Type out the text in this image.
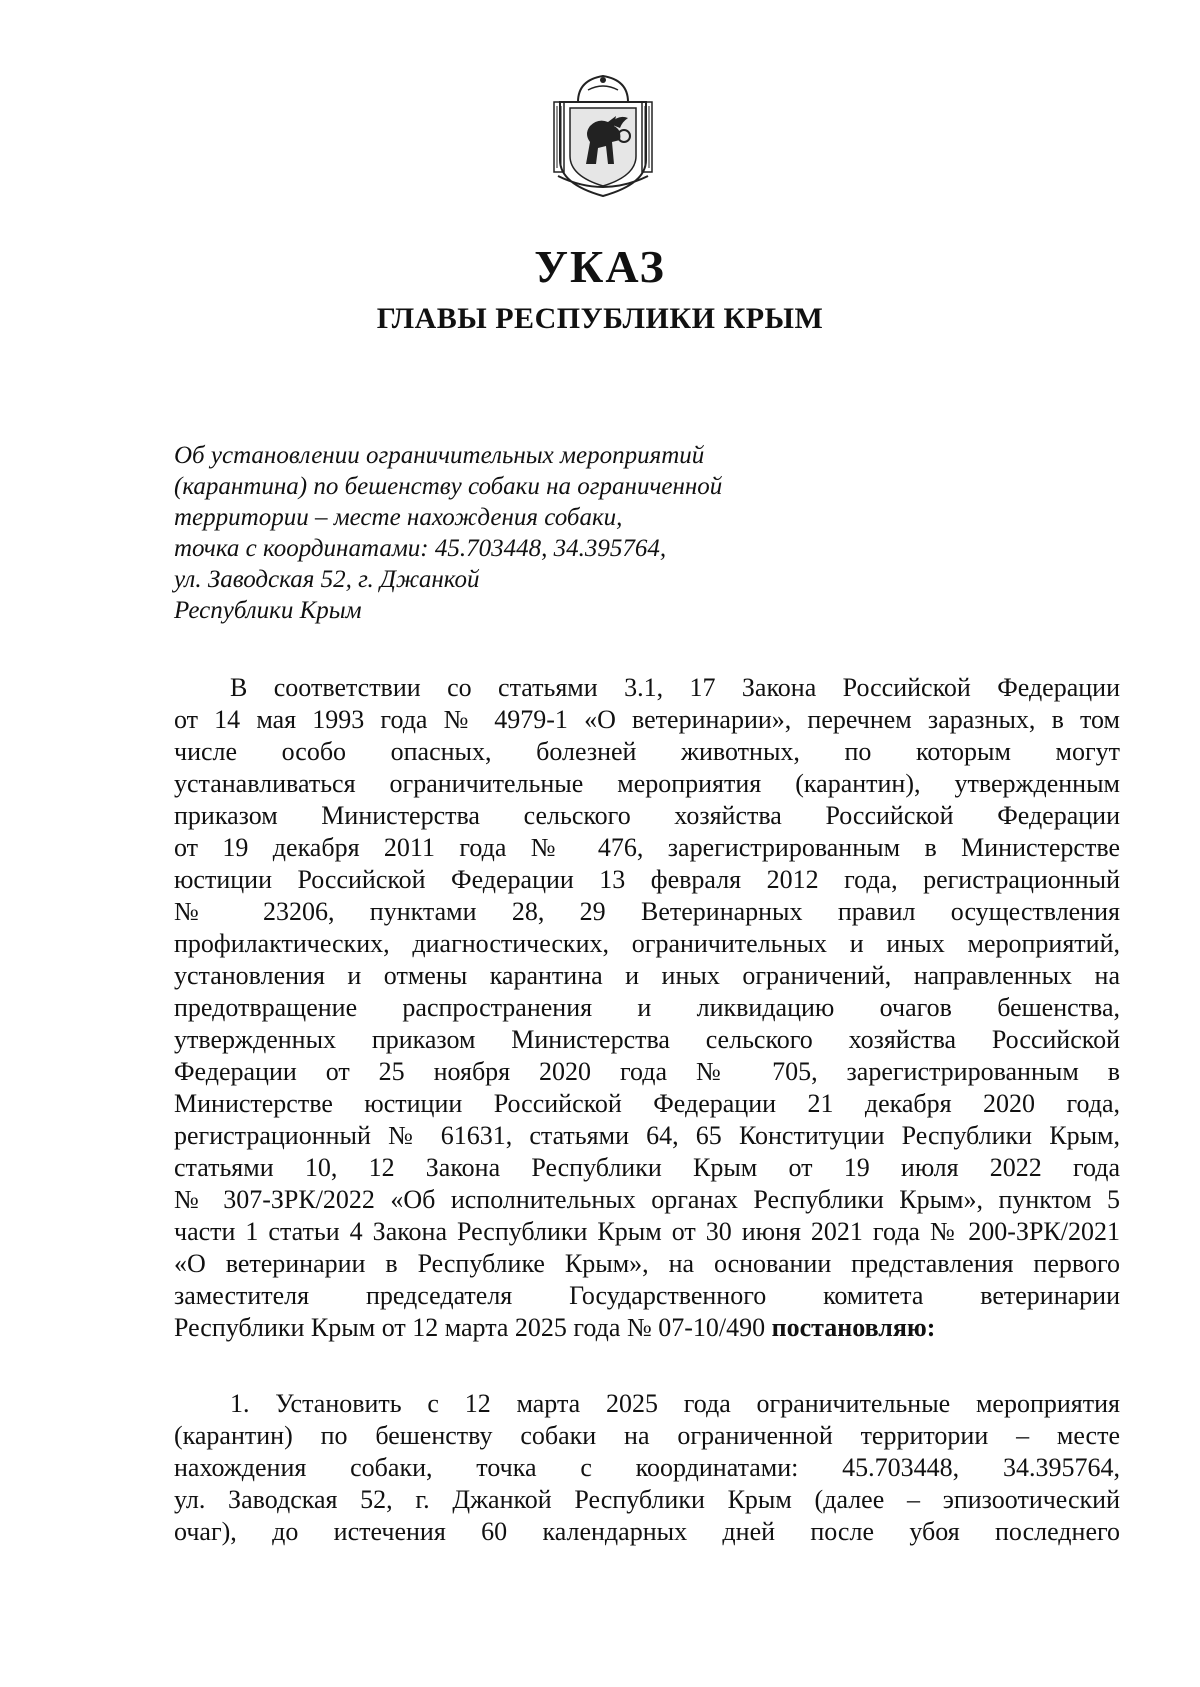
УКАЗ
ГЛАВЫ РЕСПУБЛИКИ КРЫМ
Об установлении ограничительных мероприятий
(карантина) по бешенству собаки на ограниченной
территории – месте нахождения собаки,
точка с координатами: 45.703448, 34.395764,
ул. Заводская 52, г. Джанкой
Республики Крым
В соответствии со статьями 3.1, 17 Закона Российской Федерации
от 14 мая 1993 года № 4979-1 «О ветеринарии», перечнем заразных, в том
числе особо опасных, болезней животных, по которым могут
устанавливаться ограничительные мероприятия (карантин), утвержденным
приказом Министерства сельского хозяйства Российской Федерации
от 19 декабря 2011 года № 476, зарегистрированным в Министерстве
юстиции Российской Федерации 13 февраля 2012 года, регистрационный
№ 23206, пунктами 28, 29 Ветеринарных правил осуществления
профилактических, диагностических, ограничительных и иных мероприятий,
установления и отмены карантина и иных ограничений, направленных на
предотвращение распространения и ликвидацию очагов бешенства,
утвержденных приказом Министерства сельского хозяйства Российской
Федерации от 25 ноября 2020 года № 705, зарегистрированным в
Министерстве юстиции Российской Федерации 21 декабря 2020 года,
регистрационный № 61631, статьями 64, 65 Конституции Республики Крым,
статьями 10, 12 Закона Республики Крым от 19 июля 2022 года
№ 307-ЗРК/2022 «Об исполнительных органах Республики Крым», пунктом 5
части 1 статьи 4 Закона Республики Крым от 30 июня 2021 года № 200-ЗРК/2021
«О ветеринарии в Республике Крым», на основании представления первого
заместителя председателя Государственного комитета ветеринарии
Республики Крым от 12 марта 2025 года № 07-10/490 постановляю:
1. Установить с 12 марта 2025 года ограничительные мероприятия
(карантин) по бешенству собаки на ограниченной территории – месте
нахождения собаки, точка с координатами: 45.703448, 34.395764,
ул. Заводская 52, г. Джанкой Республики Крым (далее – эпизоотический
очаг), до истечения 60 календарных дней после убоя последнего
